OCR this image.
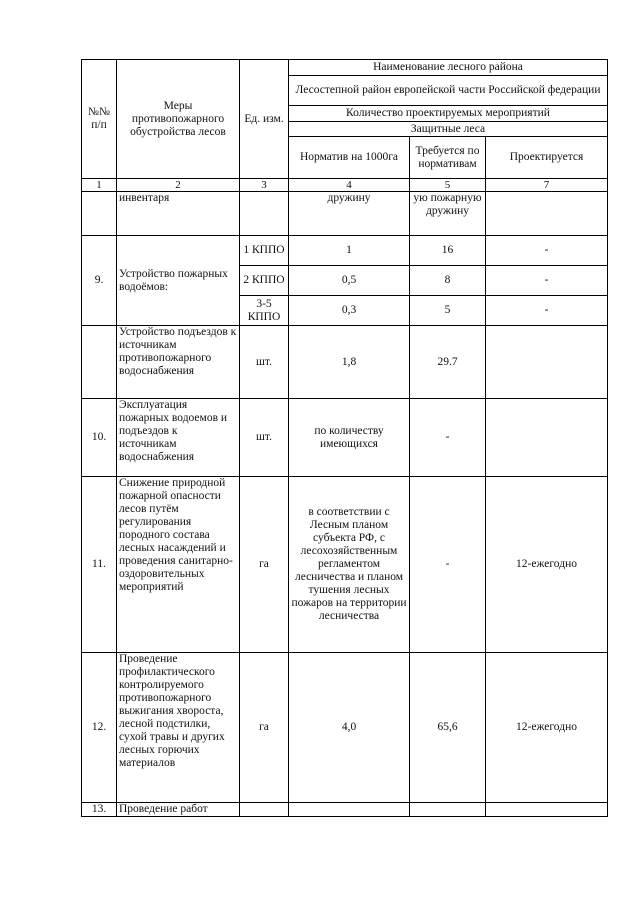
№№ п/п	Меры противопожарного обустройства лесов	Ед. изм.	Наименование лесного района		
			Лесостепной район европейской части Российской федерации		
			Количество проектируемых мероприятий		
			Защитные леса		
			Норматив на 1000га	Требуется по нормативам	Проектируется
1	2	3	4	5	7
	инвентаря		дружину	ую пожарную дружину	
9.	Устройство пожарных водоёмов:	1 КППО	1	16	-
		2 КППО	0,5	8	-
		3-5 КППО	0,3	5	-
	Устройство подъездов к источникам противопожарного водоснабжения	шт.	1,8	29.7	
10.	Эксплуатация пожарных водоемов и подъездов к источникам водоснабжения	шт.	по количеству имеющихся	-	
11.	Снижение природной пожарной опасности лесов путём регулирования породного состава лесных насаждений и проведения санитарно-оздоровительных мероприятий	га	в соответствии с Лесным планом субъекта РФ, с лесохозяйственным регламентом лесничества и планом тушения лесных пожаров на территории лесничества	-	12-ежегодно
12.	Проведение профилактического контролируемого противопожарного выжигания хвороста, лесной подстилки, сухой травы и других лесных горючих материалов	га	4,0	65,6	12-ежегодно
13.	Проведение работ				
